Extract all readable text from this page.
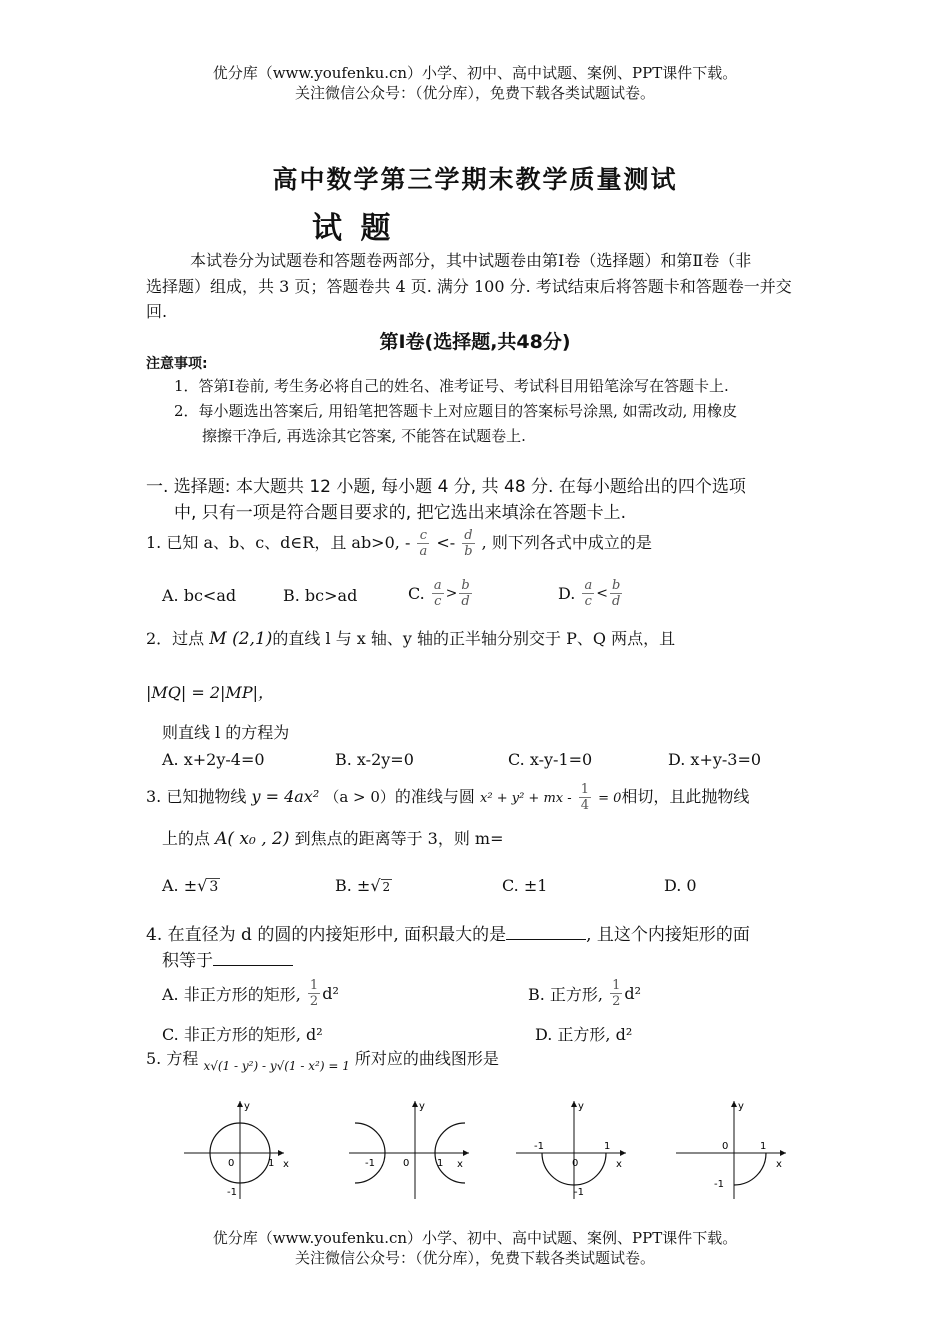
优分库（www.youfenku.cn）小学、初中、高中试题、案例、PPT课件下载。
关注微信公众号：（优分库），免费下载各类试题试卷。
高中数学第三学期末教学质量测试
试 题
本试卷分为试题卷和答题卷两部分，其中试题卷由第Ⅰ卷（选择题）和第Ⅱ卷（非
选择题）组成，共 3 页；答题卷共 4 页. 满分 100 分. 考试结束后将答题卡和答题卷一并交
回.
第Ⅰ卷(选择题,共48分)
注意事项:
1．答第Ⅰ卷前, 考生务必将自己的姓名、准考证号、考试科目用铅笔涂写在答题卡上.
2．每小题选出答案后, 用铅笔把答题卡上对应题目的答案标号涂黑, 如需改动, 用橡皮
擦擦干净后, 再选涂其它答案, 不能答在试题卷上.
一. 选择题: 本大题共 12 小题, 每小题 4 分, 共 48 分. 在每小题给出的四个选项
中, 只有一项是符合题目要求的, 把它选出来填涂在答题卡上.
1. 已知 a、b、c、d∈R，且 ab>0, - $\frac{c}{a} <- \frac{d}{b}$ , 则下列各式中成立的是
A. bc<ad	B. bc>ad	C. $\frac{a}{c} > \frac{b}{d}$	D. $\frac{a}{c} < \frac{b}{d}$
2．过点 M (2,1)的直线 l 与 x 轴、y 轴的正半轴分别交于 P、Q 两点，且
|MQ| = 2|MP|，
则直线 l 的方程为
A. x+2y-4=0	B. x-2y=0	C. x-y-1=0	D. x+y-3=0
3. 已知抛物线 y = 4ax² （a > 0）的准线与圆 x² + y² + mx - $\frac{1}{4} = 0$相切，且此抛物线
上的点 A( x₀ , 2) 到焦点的距离等于 3，则 m=
A. ±√ 3	B. ±√ 2	C. ±1	D. 0
4. 在直径为 d 的圆的内接矩形中, 面积最大的是	, 且这个内接矩形的面
积等于
A. 非正方形的矩形, $\frac{1}{2} d^2$	B. 正方形, $\frac{1}{2} d^2$
C. 非正方形的矩形, d²	D. 正方形, d²
5. 方程 $_{x√(1 - y^2) - y√(1 - x^2) = 1}$ 所对应的曲线图形是
y
x
0	1
-1
y
x
0	1
-1
y
x
0
1
-1
-1
y
x
0	1
-1
优分库（www.youfenku.cn）小学、初中、高中试题、案例、PPT课件下载。
关注微信公众号：（优分库），免费下载各类试题试卷。
